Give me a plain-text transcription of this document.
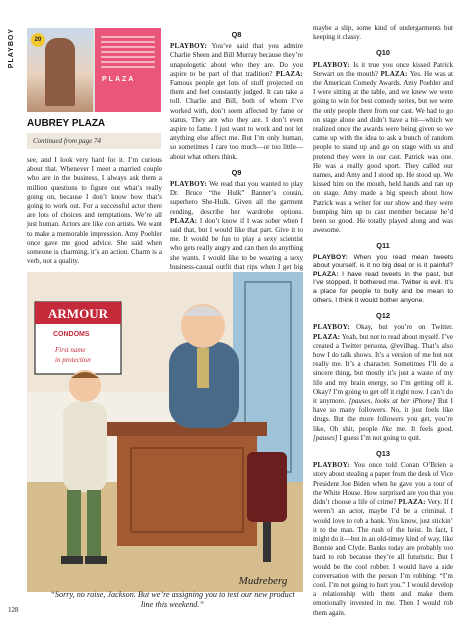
PLAYBOY	20
PLAZA
AUBREY PLAZA
Continued from page 74

see, and I look very hard for it. I’m curious about that. Whenever I meet a married couple who are in the business, I always ask them a million questions to figure out what’s really going on, because I don’t know how that’s going to work out. For a successful actor there are lots of choices and temptations. We’re all just human. Actors are like con artists. We want to make a memorable impression. Amy Poehler once gave me good advice. She said when someone is charming, it’s an action. Charm is a verb, not a quality.

Q8

PLAYBOY: You’ve said that you admire Charlie Sheen and Bill Murray because they’re unapologetic about who they are. Do you aspire to be part of that tradition? PLAZA: Famous people get lots of stuff projected on them and feel constantly judged. It can take a toll. Charlie and Bill, both of whom I’ve worked with, don’t seem affected by fame or status. They are who they are. I don’t even aspire to fame. I just want to work and not let anything else affect me. But I’m only human, so sometimes I care too much—or too little—about what others think.

Q9

PLAYBOY: We read that you wanted to play Dr. Bruce “the Hulk” Banner’s cousin, superhero She-Hulk. Given all the garment rending, describe her wardrobe options. PLAZA: I don’t know if I was sober when I said that, but I would like that part. Give it to me. It would be fun to play a sexy scientist who gets really angry and can then do anything she wants. I would like to be wearing a sexy business-casual outfit that rips when I get big

maybe a slip, some kind of undergarments but keeping it classy.

Q10

PLAYBOY: Is it true you once kissed Patrick Stewart on the mouth? PLAZA: Yes. He was at the American Comedy Awards. Amy Poehler and I were sitting at the table, and we knew we were going to win for best comedy series, but we were the only people there from our cast. We had to go on stage alone and didn’t have a bit—which we realized once the awards were being given so we came up with the idea to ask a bunch of random people to stand up and go on stage with us and pretend they were in our cast. Patrick was one. He was a really good sport. They called our names, and Amy and I stood up. He stood up. We kissed him on the mouth, held hands and ran up on stage. Amy made a big speech about how Patrick was a writer for our show and they were bumping him up to cast member because he’d been so good. He totally played along and was awesome.

Q11

PLAYBOY: When you read mean tweets about yourself, is it no big deal or is it painful? PLAZA: I have read tweets in the past, but I’ve stopped. It bothered me. Twitter is evil. It’s a place for people to bully and be mean to others. I think it would bother anyone.

Q12

PLAYBOY: Okay, but you’re on Twitter. PLAZA: Yeah, but not to read about myself. I’ve created a Twitter persona, @evilhag. That’s also how I do talk shows. It’s a version of me but not really me. It’s a character. Sometimes I’ll do a sincere thing, but mostly it’s just a waste of my life and my brain energy, so I’m getting off it. Okay? I’m going to get off it right now. I can’t do it anymore. [pauses, looks at her iPhone] But I have so many followers. No, it just feels like drugs. But the more followers you get, you’re like, Oh shit, people like me. It feels good. [pauses] I guess I’m not going to quit.

Q13

PLAYBOY: You once told Conan O’Brien a story about stealing a paper from the desk of Vice President Joe Biden when he gave you a tour of the White House. How surprised are you that you didn’t choose a life of crime? PLAZA: Very. If I weren’t an actor, maybe I’d be a criminal. I would love to rob a bank. You know, just stickin’ it to the man. The rush of the heist. In fact, I might do it—but in an old-timey kind of way, like Bonnie and Clyde. Banks today are probably too hard to rob because they’re all futuristic. But I would be the cool robber. I would have a side conversation with the person I’m robbing: “I’m cool. I’m not going to hurt you.” I would develop a relationship with them and make them emotionally invested in me. Then I would rob them again.

ARMOUR
CONDOMS
First name
in protection
Mudreberg
“Sorry, no raise, Jackson. But we’re assigning you to test our new product line this weekend.”
128
